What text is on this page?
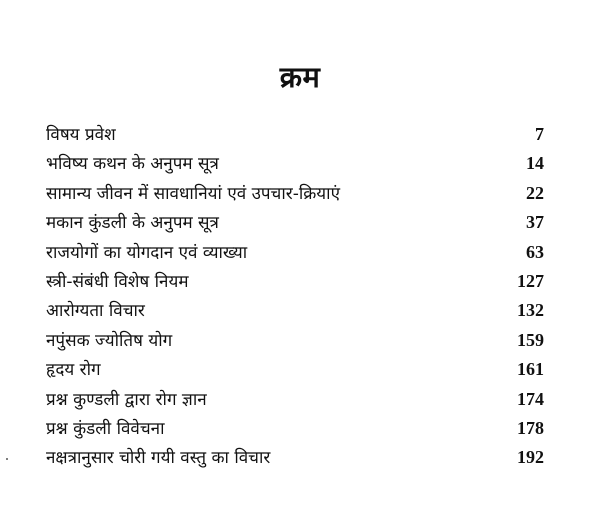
क्रम
विषय प्रवेश	7
भविष्य कथन के अनुपम सूत्र	14
सामान्य जीवन में सावधानियां एवं उपचार-क्रियाएं	22
मकान कुंडली के अनुपम सूत्र	37
राजयोगों का योगदान एवं व्याख्या	63
स्त्री-संबंधी विशेष नियम	127
आरोग्यता विचार	132
नपुंसक ज्योतिष योग	159
हृदय रोग	161
प्रश्न कुण्डली द्वारा रोग ज्ञान	174
प्रश्न कुंडली विवेचना	178
नक्षत्रानुसार चोरी गयी वस्तु का विचार	192
